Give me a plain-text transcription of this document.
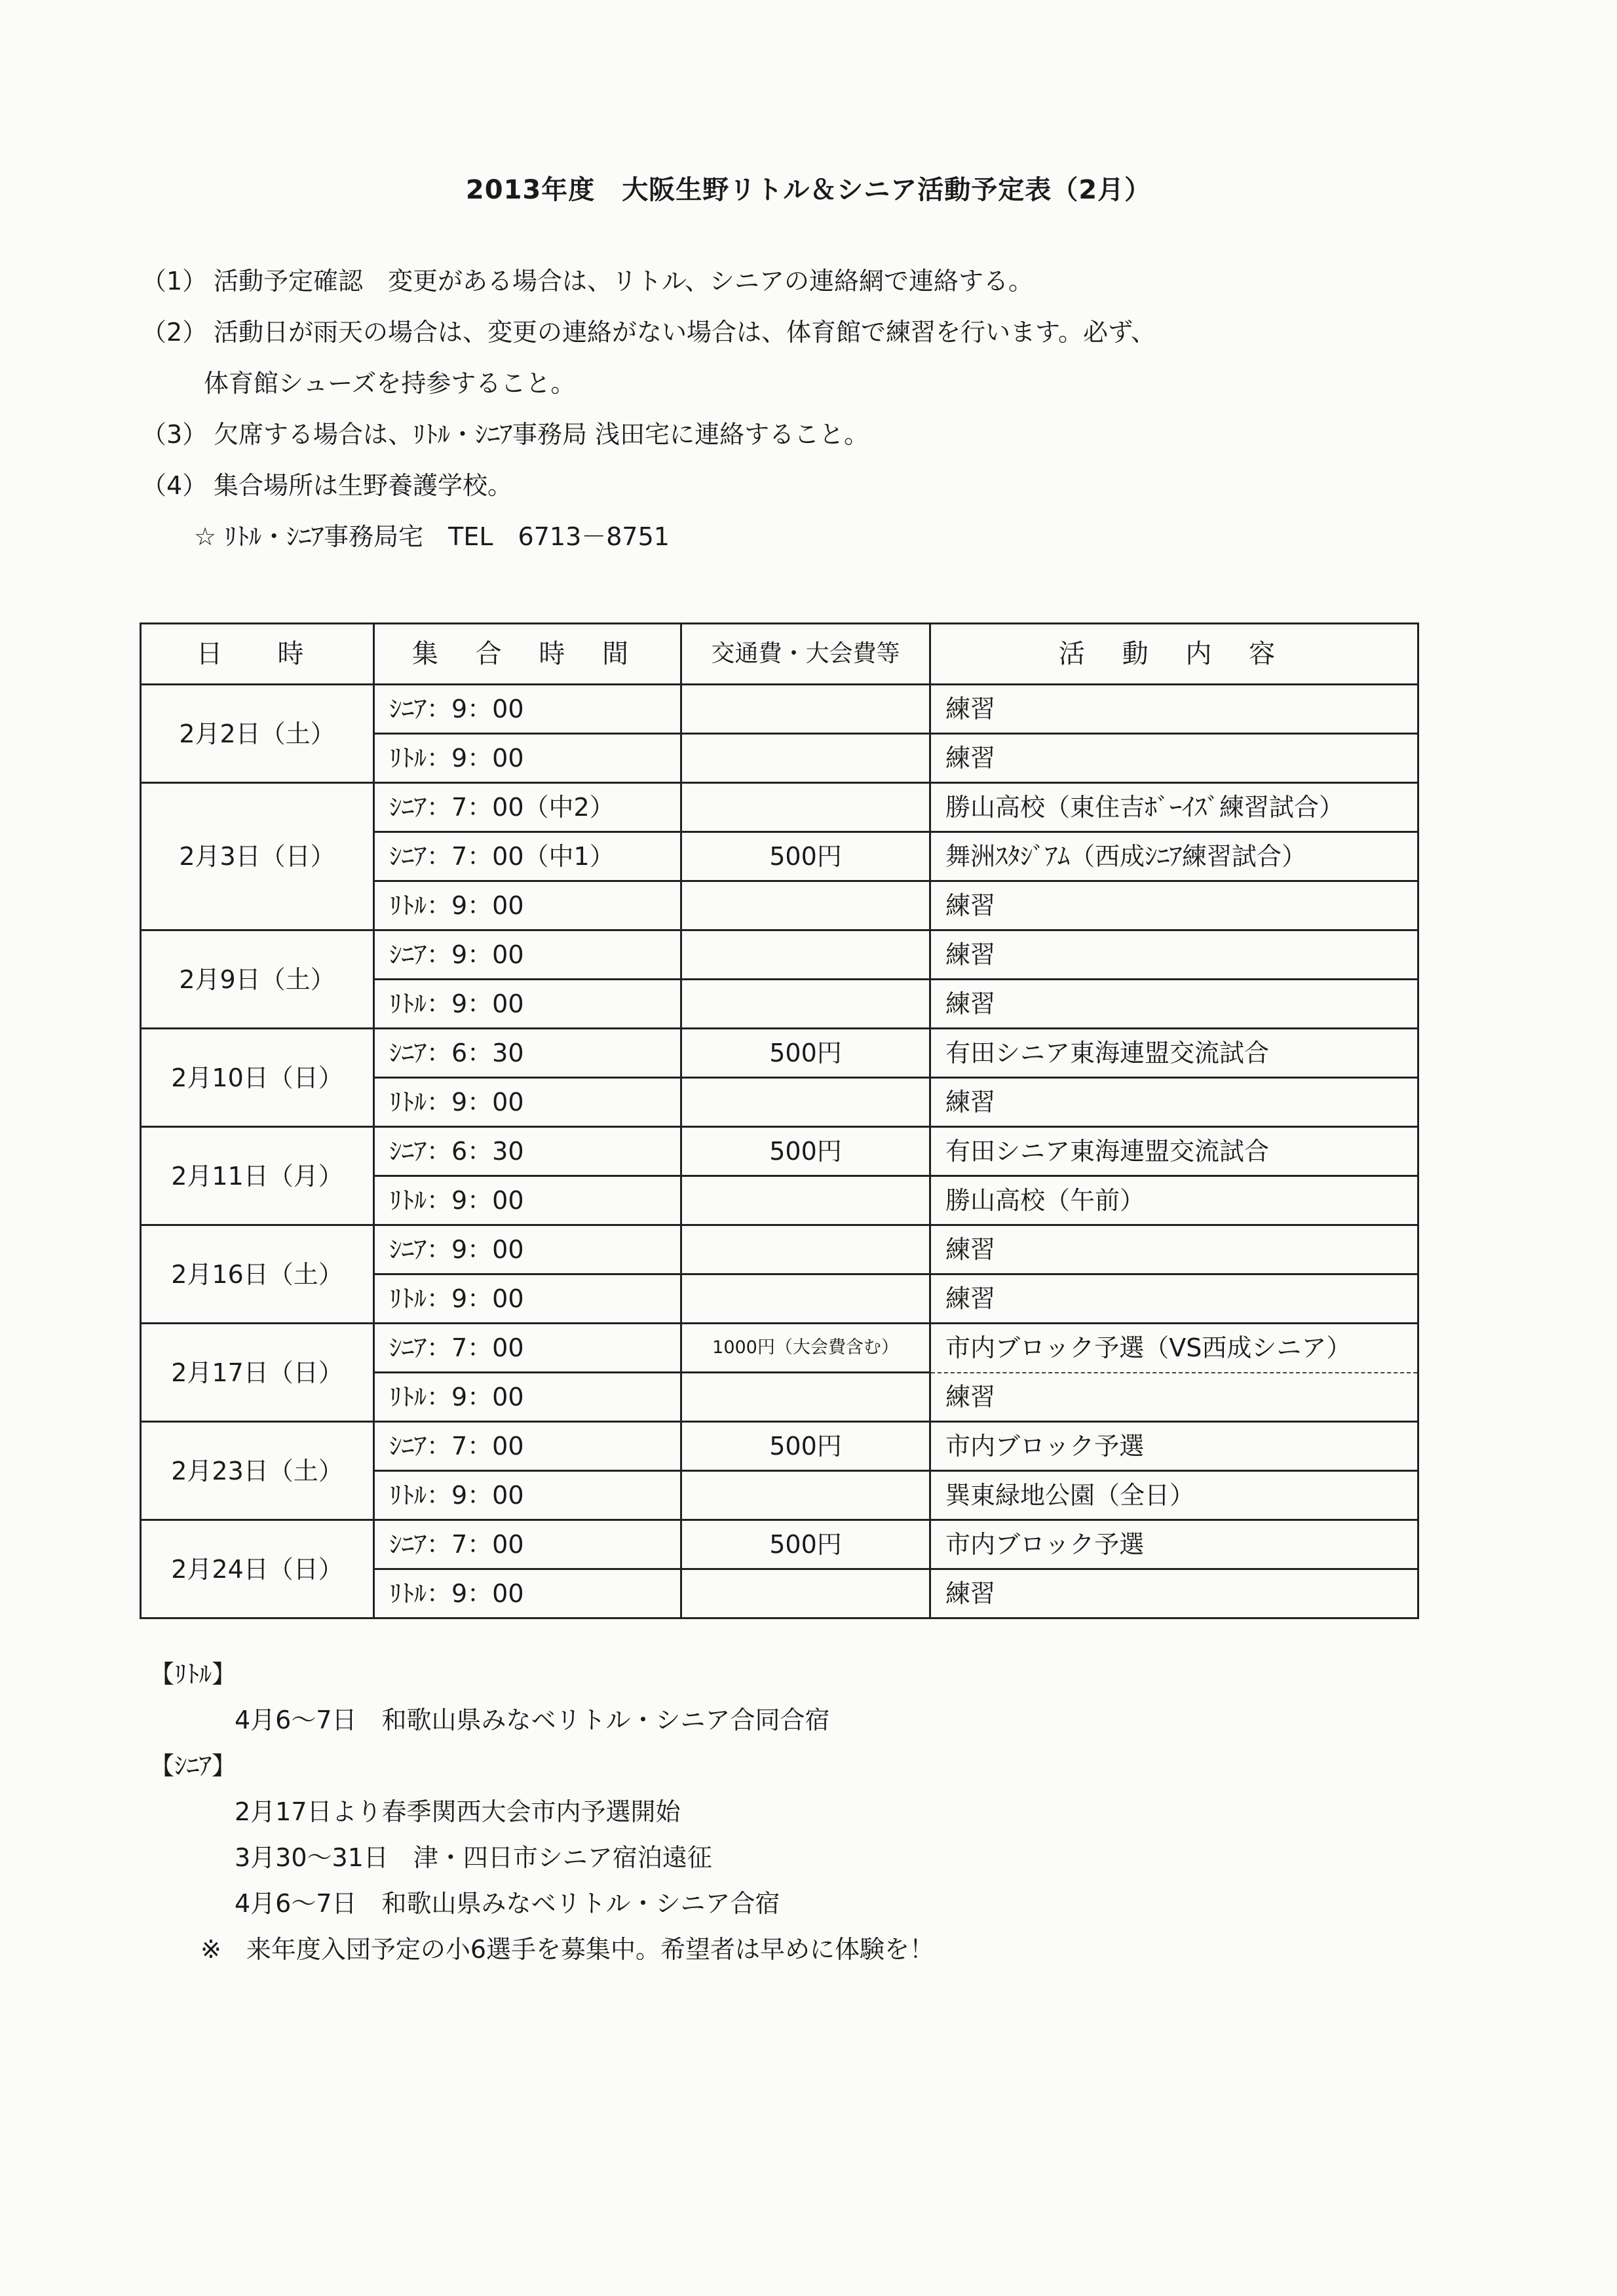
2013年度　大阪生野リトル＆シニア活動予定表（2月）
（1） 活動予定確認　変更がある場合は、リトル、シニアの連絡網で連絡する。
（2） 活動日が雨天の場合は、変更の連絡がない場合は、体育館で練習を行います。必ず、
体育館シューズを持参すること。
（3） 欠席する場合は、ﾘﾄﾙ・ｼﾆｱ事務局 浅田宅に連絡すること。
（4） 集合場所は生野養護学校。
☆ ﾘﾄﾙ・ｼﾆｱ事務局宅　TEL　6713－8751
日　時	集 合 時 間	交通費・大会費等	活 動 内 容
2月2日（土）	ｼﾆｱ：9：00		練習
	ﾘﾄﾙ：9：00		練習
2月3日（日）	ｼﾆｱ：7：00（中2）		勝山高校（東住吉ﾎﾞｰｲｽﾞ練習試合）
	ｼﾆｱ：7：00（中1）	500円	舞洲ｽﾀｼﾞｱﾑ（西成ｼﾆｱ練習試合）
	ﾘﾄﾙ：9：00		練習
2月9日（土）	ｼﾆｱ：9：00		練習
	ﾘﾄﾙ：9：00		練習
2月10日（日）	ｼﾆｱ：6：30	500円	有田シニア東海連盟交流試合
	ﾘﾄﾙ：9：00		練習
2月11日（月）	ｼﾆｱ：6：30	500円	有田シニア東海連盟交流試合
	ﾘﾄﾙ：9：00		勝山高校（午前）
2月16日（土）	ｼﾆｱ：9：00		練習
	ﾘﾄﾙ：9：00		練習
2月17日（日）	ｼﾆｱ：7：00	1000円（大会費含む）	市内ブロック予選（VS西成シニア）
	ﾘﾄﾙ：9：00		練習
2月23日（土）	ｼﾆｱ：7：00	500円	市内ブロック予選
	ﾘﾄﾙ：9：00		巽東緑地公園（全日）
2月24日（日）	ｼﾆｱ：7：00	500円	市内ブロック予選
	ﾘﾄﾙ：9：00		練習
【ﾘﾄﾙ】
4月6～7日　和歌山県みなベリトル・シニア合同合宿
【ｼﾆｱ】
2月17日より春季関西大会市内予選開始
3月30～31日　津・四日市シニア宿泊遠征
4月6～7日　和歌山県みなベリトル・シニア合宿
※　来年度入団予定の小6選手を募集中。希望者は早めに体験を！
